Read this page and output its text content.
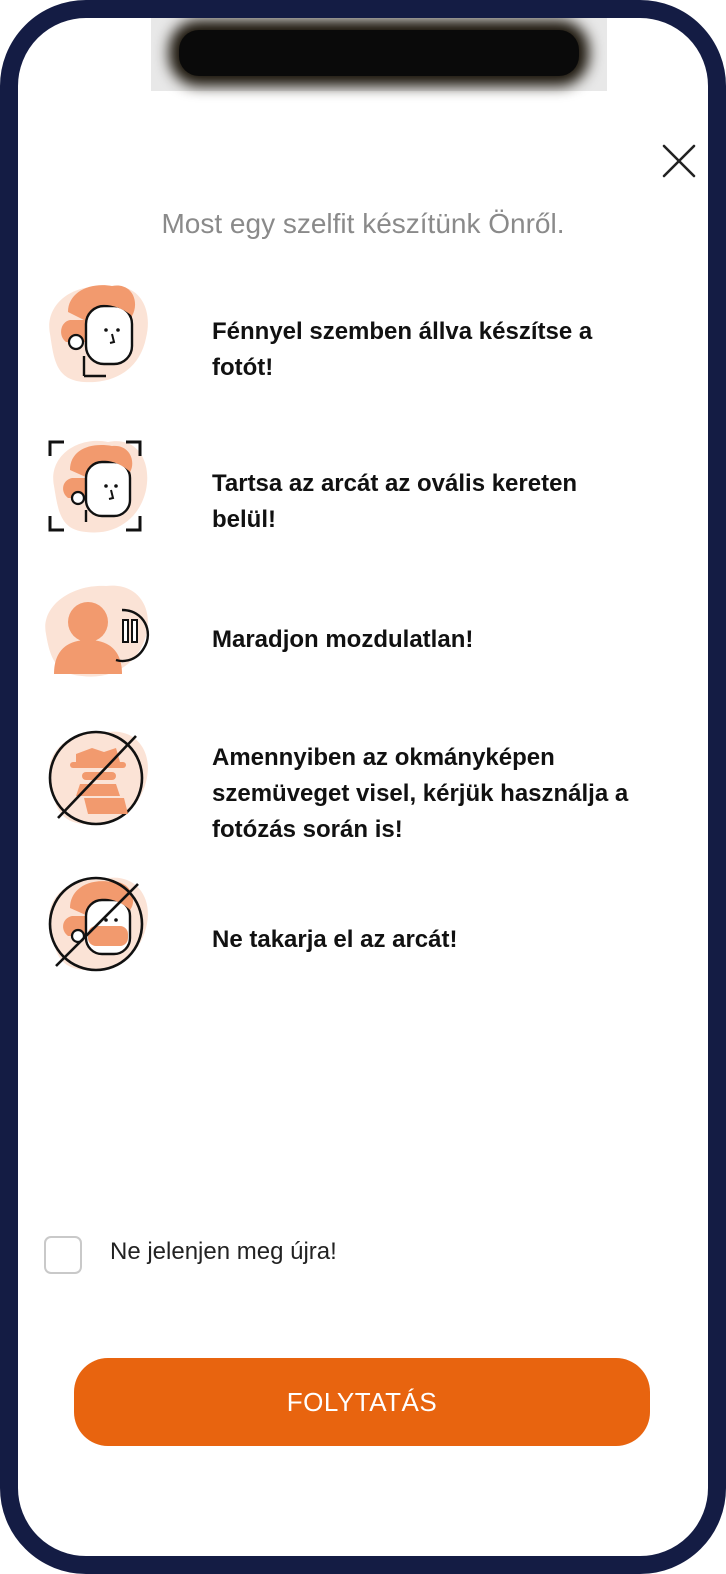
Most egy szelfit készítünk Önről.
Fénnyel szemben állva készítse a
fotót!
Tartsa az arcát az ovális kereten
belül!
Maradjon mozdulatlan!
Amennyiben az okmányképen
szemüveget visel, kérjük használja a
fotózás során is!
Ne takarja el az arcát!
Ne jelenjen meg újra!
FOLYTATÁS
